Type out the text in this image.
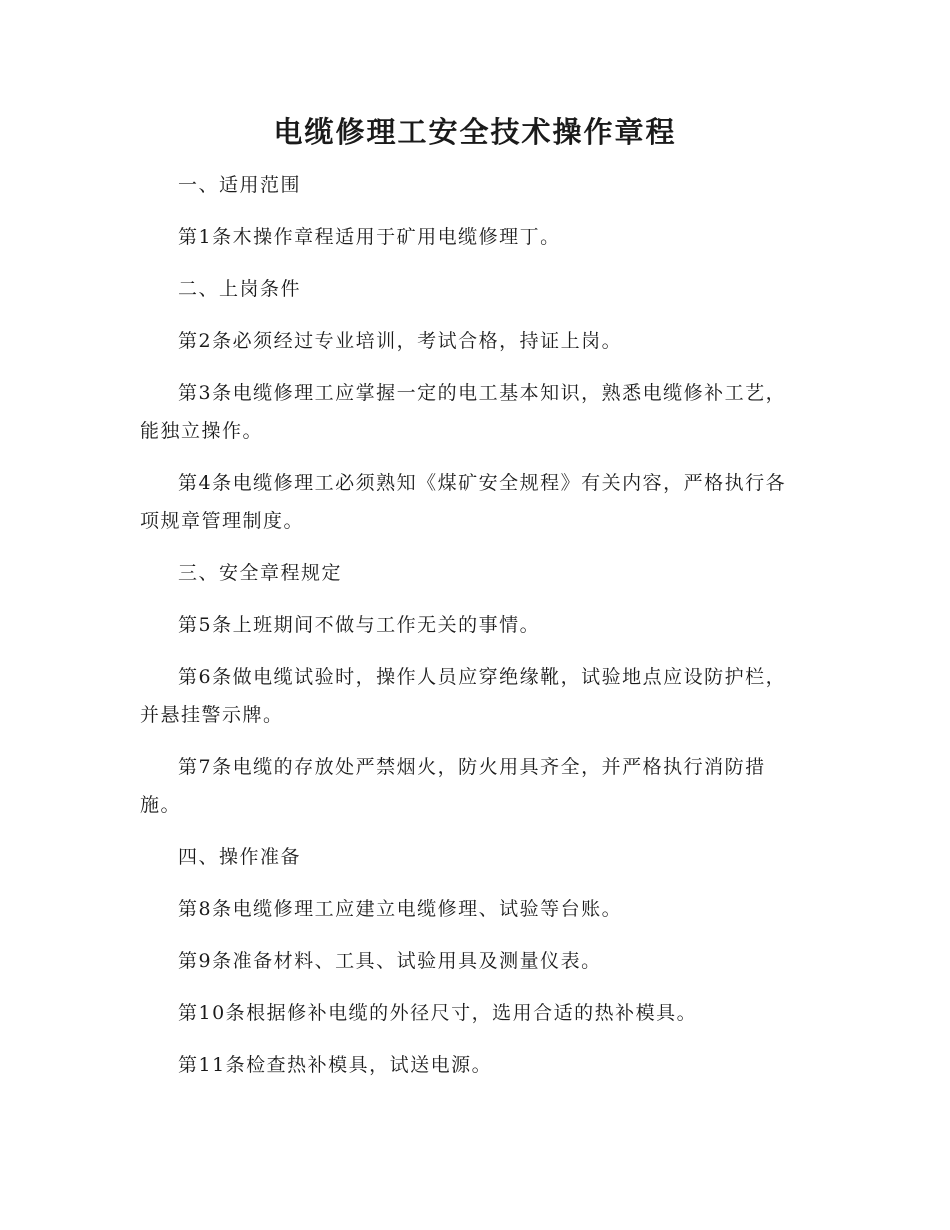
电缆修理工安全技术操作章程

一、适用范围

第1条木操作章程适用于矿用电缆修理丁。

二、上岗条件

第2条必须经过专业培训，考试合格，持证上岗。

第3条电缆修理工应掌握一定的电工基本知识，熟悉电缆修补工艺，能独立操作。

第4条电缆修理工必须熟知《煤矿安全规程》有关内容，严格执行各项规章管理制度。

三、安全章程规定

第5条上班期间不做与工作无关的事情。

第6条做电缆试验时，操作人员应穿绝缘靴，试验地点应设防护栏，并悬挂警示牌。

第7条电缆的存放处严禁烟火，防火用具齐全，并严格执行消防措施。

四、操作准备

第8条电缆修理工应建立电缆修理、试验等台账。

第9条准备材料、工具、试验用具及测量仪表。

第10条根据修补电缆的外径尺寸，选用合适的热补模具。

第11条检查热补模具，试送电源。
